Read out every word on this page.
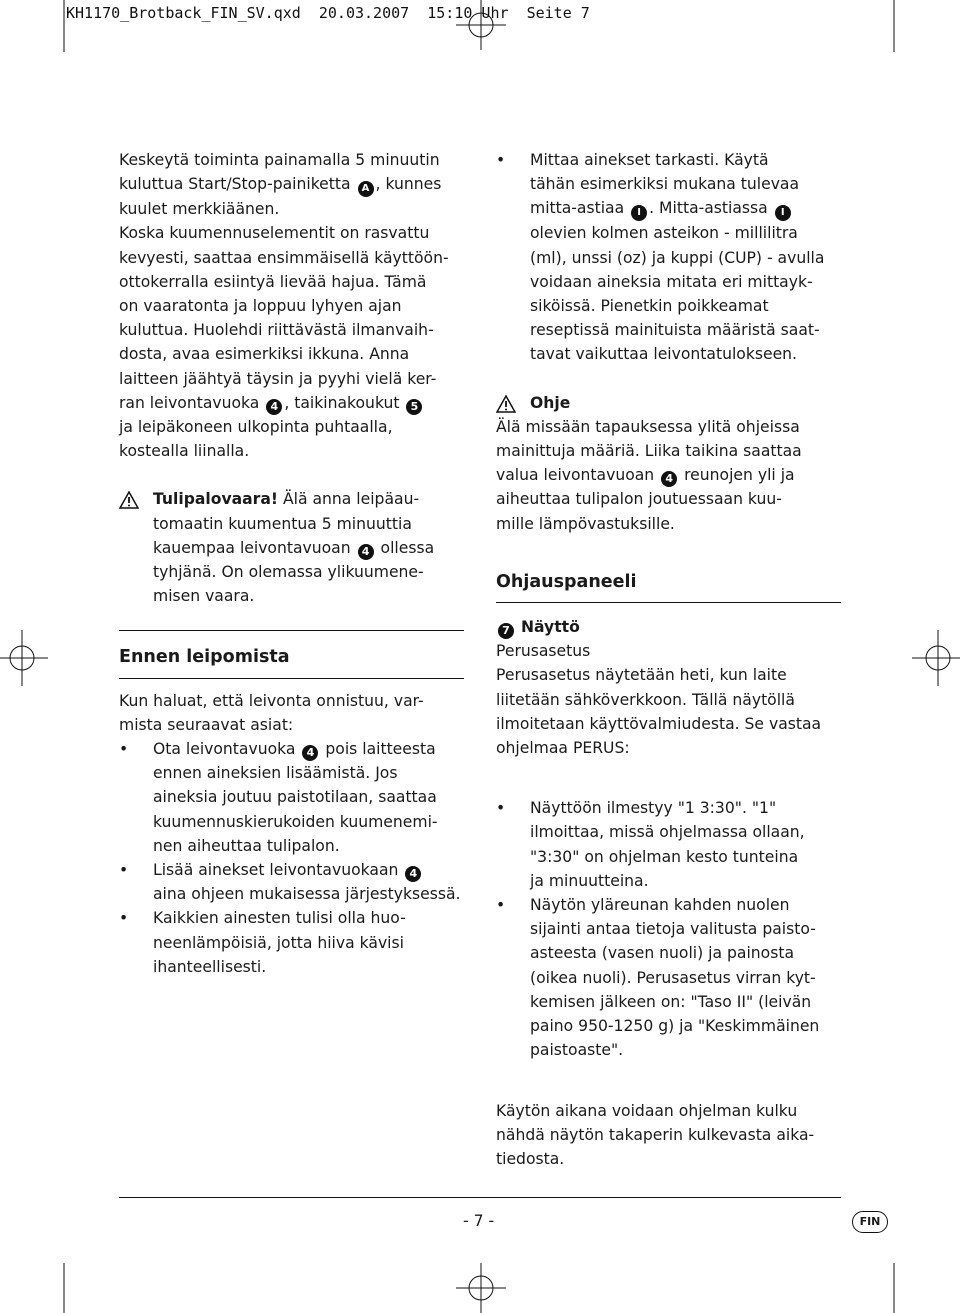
KH1170_Brotback_FIN_SV.qxd  20.03.2007  15:10 Uhr  Seite 7

Keskeytä toiminta painamalla 5 minuutin
kuluttua Start/Stop-painiketta A , kunnes
kuulet merkkiäänen.

Koska kuumennuselementit on rasvattu
kevyesti, saattaa ensimmäisellä käyttöön-
ottokerralla esiintyä lievää hajua. Tämä
on vaaratonta ja loppuu lyhyen ajan
kuluttua. Huolehdi riittävästä ilmanvaih-
dosta, avaa esimerkiksi ikkuna. Anna
laitteen jäähtyä täysin ja pyyhi vielä ker-
ran leivontavuoka 4 , taikinakoukut 5
ja leipäkoneen ulkopinta puhtaalla,
kostealla liinalla.

Tulipalovaara! Älä anna leipäau-
tomaatin kuumentua 5 minuuttia
kauempaa leivontavuoan 4 ollessa
tyhjänä. On olemassa ylikuumene-
misen vaara.
Ennen leipomista

Kun haluat, että leivonta onnistuu, var-
mista seuraavat asiat:

• Ota leivontavuoka 4 pois laitteesta
ennen aineksien lisäämistä. Jos
aineksia joutuu paistotilaan, saattaa
kuumennuskierukoiden kuumenemi-
nen aiheuttaa tulipalon.
• Lisää ainekset leivontavuokaan 4
aina ohjeen mukaisessa järjestyksessä.
• Kaikkien ainesten tulisi olla huo-
neenlämpöisiä, jotta hiiva kävisi
ihanteellisesti.
• Mittaa ainekset tarkasti. Käytä
tähän esimerkiksi mukana tulevaa
mitta-astiaa I . Mitta-astiassa I
olevien kolmen asteikon - millilitra
(ml), unssi (oz) ja kuppi (CUP) - avulla
voidaan aineksia mitata eri mittayk-
siköissä. Pienetkin poikkeamat
reseptissä mainituista määristä saat-
tavat vaikuttaa leivontatulokseen.
Ohje
Älä missään tapauksessa ylitä ohjeissa
mainittuja määriä. Liika taikina saattaa
valua leivontavuoan 4 reunojen yli ja
aiheuttaa tulipalon joutuessaan kuu-
mille lämpövastuksille.
Ohjauspaneeli
7 Näyttö
Perusasetus
Perusasetus näytetään heti, kun laite
liitetään sähköverkkoon. Tällä näytöllä
ilmoitetaan käyttövalmiudesta. Se vastaa
ohjelmaa PERUS:
• Näyttöön ilmestyy "1 3:30". "1"
ilmoittaa, missä ohjelmassa ollaan,
"3:30" on ohjelman kesto tunteina
ja minuutteina.
• Näytön yläreunan kahden nuolen
sijainti antaa tietoja valitusta paisto-
asteesta (vasen nuoli) ja painosta
(oikea nuoli). Perusasetus virran kyt-
kemisen jälkeen on: "Taso II" (leivän
paino 950-1250 g) ja "Keskimmäinen
paistoaste".

Käytön aikana voidaan ohjelman kulku
nähdä näytön takaperin kulkevasta aika-
tiedosta.

- 7 -	FIN
